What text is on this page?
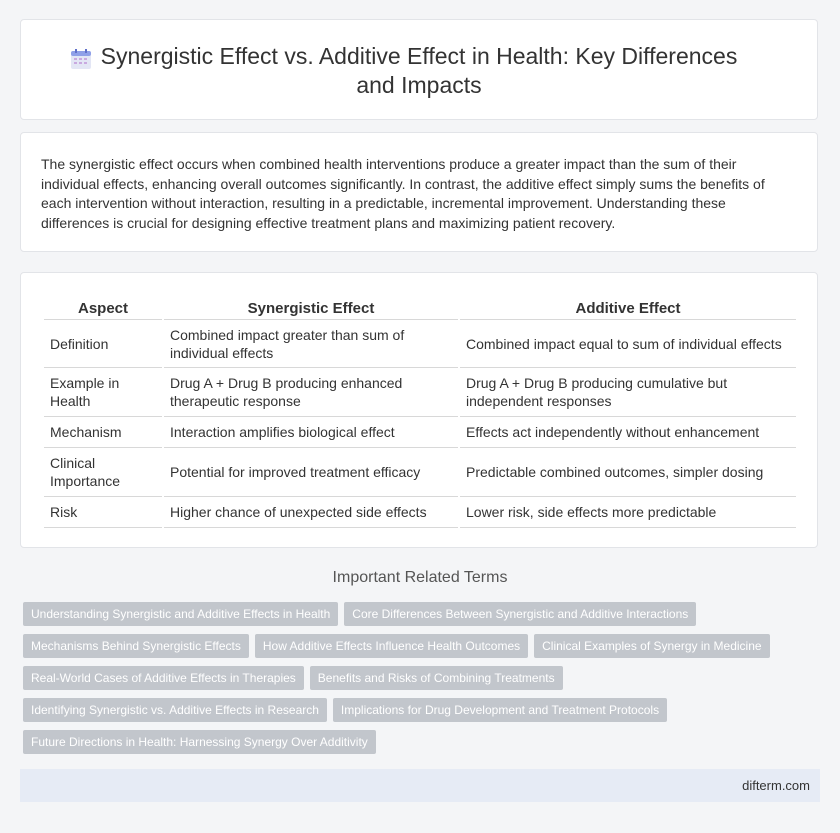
Synergistic Effect vs. Additive Effect in Health: Key Differences and Impacts

The synergistic effect occurs when combined health interventions produce a greater impact than the sum of their individual effects, enhancing overall outcomes significantly. In contrast, the additive effect simply sums the benefits of each intervention without interaction, resulting in a predictable, incremental improvement. Understanding these differences is crucial for designing effective treatment plans and maximizing patient recovery.

Aspect	Synergistic Effect	Additive Effect
Definition	Combined impact greater than sum of individual effects	Combined impact equal to sum of individual effects
Example in Health	Drug A + Drug B producing enhanced therapeutic response	Drug A + Drug B producing cumulative but independent responses
Mechanism	Interaction amplifies biological effect	Effects act independently without enhancement
Clinical Importance	Potential for improved treatment efficacy	Predictable combined outcomes, simpler dosing
Risk	Higher chance of unexpected side effects	Lower risk, side effects more predictable
Important Related Terms
Understanding Synergistic and Additive Effects in Health Core Differences Between Synergistic and Additive Interactions
Mechanisms Behind Synergistic Effects How Additive Effects Influence Health Outcomes Clinical Examples of Synergy in Medicine
Real-World Cases of Additive Effects in Therapies Benefits and Risks of Combining Treatments
Identifying Synergistic vs. Additive Effects in Research Implications for Drug Development and Treatment Protocols
Future Directions in Health: Harnessing Synergy Over Additivity
difterm.com
